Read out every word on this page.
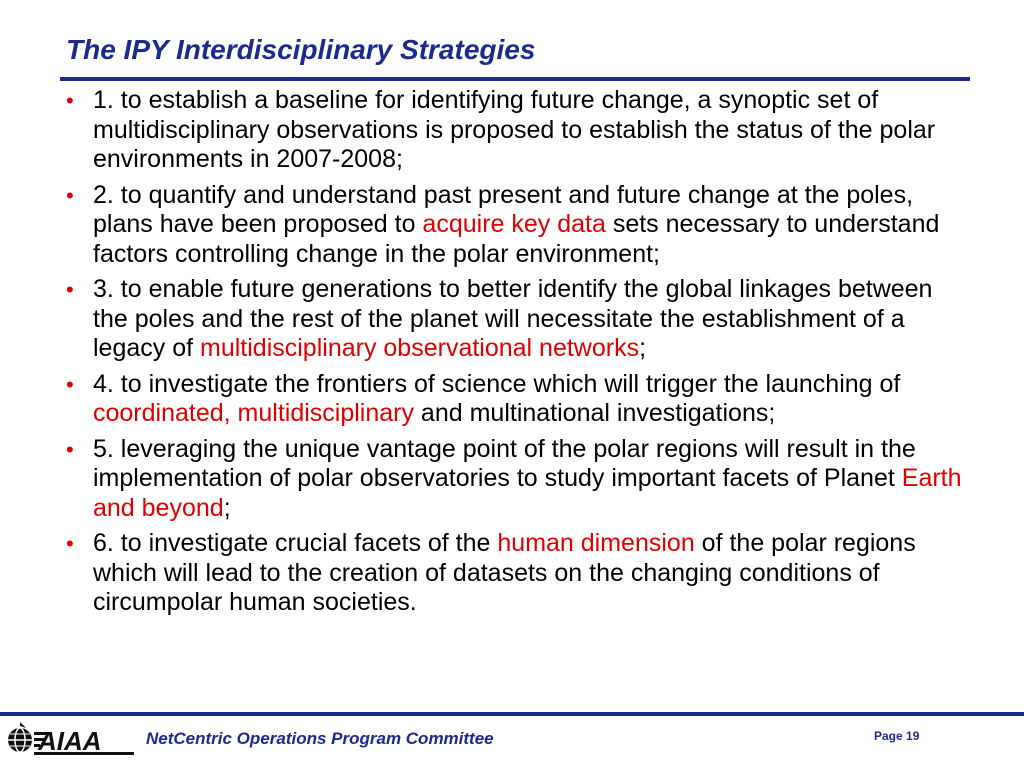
The IPY Interdisciplinary Strategies
• 1. to establish a baseline for identifying future change, a synoptic set of multidisciplinary observations is proposed to establish the status of the polar environments in 2007-2008;
• 2. to quantify and understand past present and future change at the poles, plans have been proposed to acquire key data sets necessary to understand factors controlling change in the polar environment;
• 3. to enable future generations to better identify the global linkages between the poles and the rest of the planet will necessitate the establishment of a legacy of multidisciplinary observational networks;
• 4. to investigate the frontiers of science which will trigger the launching of coordinated, multidisciplinary and multinational investigations;
• 5. leveraging the unique vantage point of the polar regions will result in the implementation of polar observatories to study important facets of Planet Earth and beyond;
• 6. to investigate crucial facets of the human dimension of the polar regions which will lead to the creation of datasets on the changing conditions of circumpolar human societies.
AIAA	NetCentric Operations Program Committee	Page 19
